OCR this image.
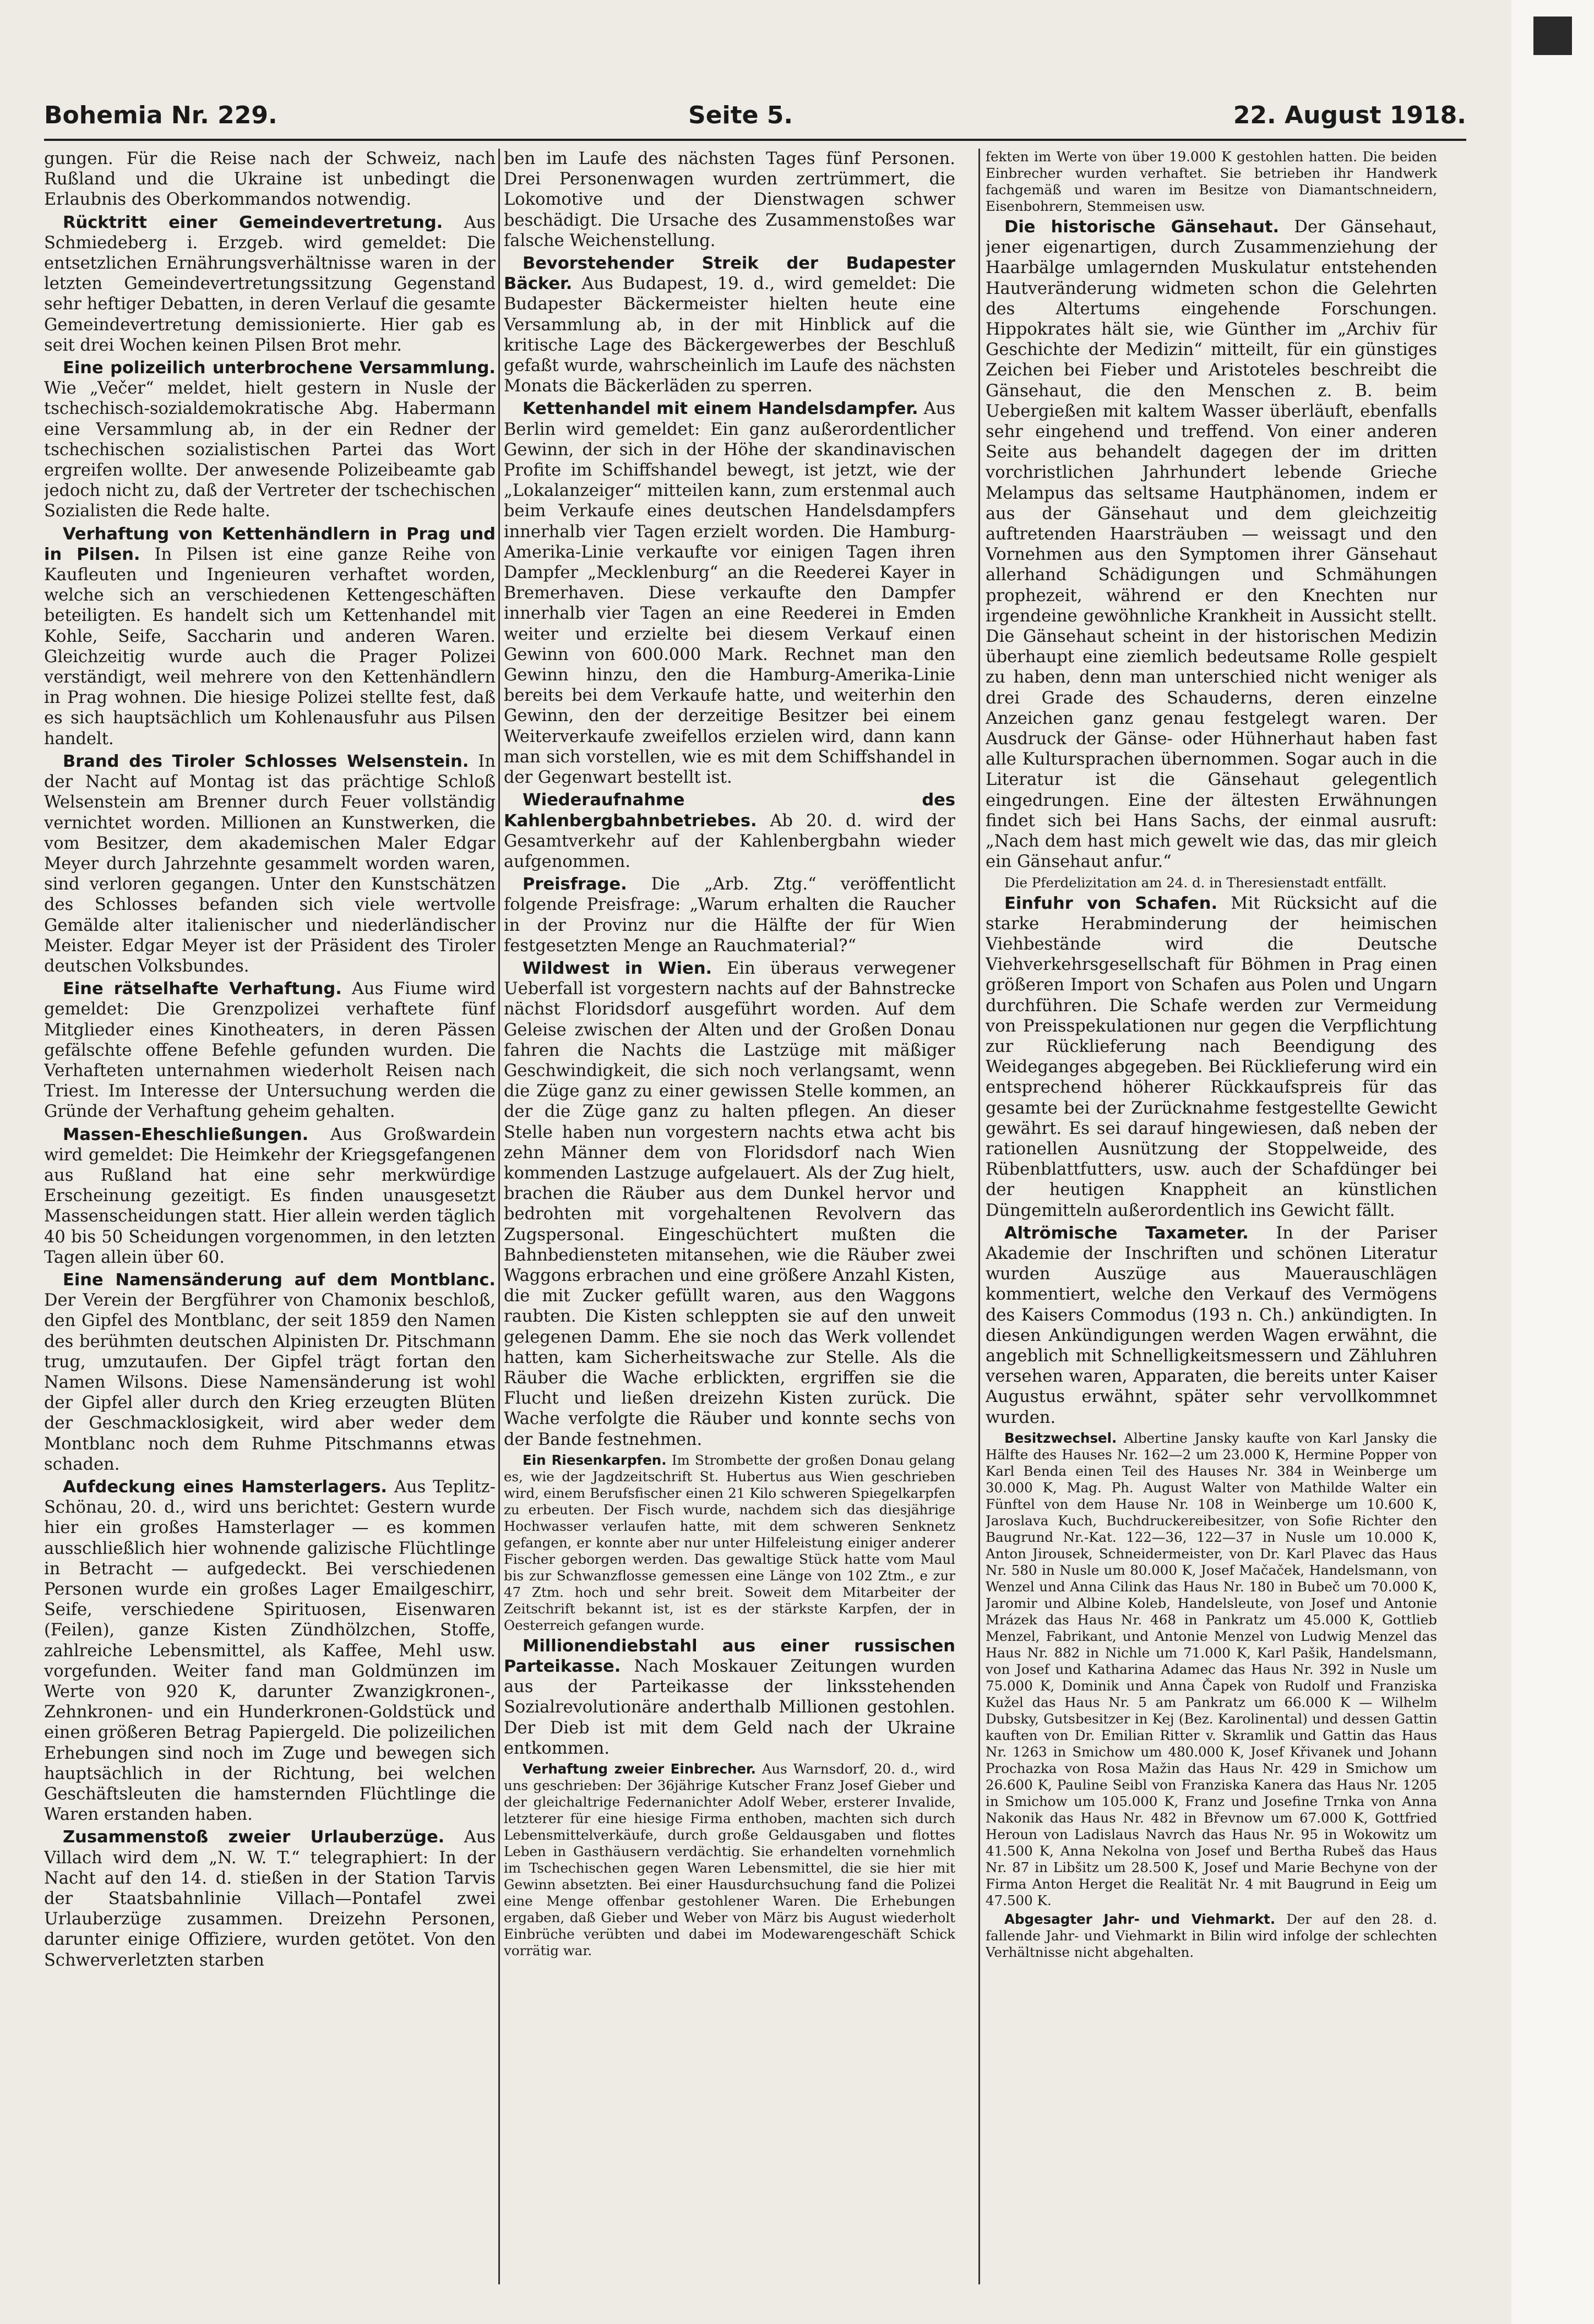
Bohemia Nr. 229.	Seite 5.	22. August 1918.

gungen. Für die Reise nach der Schweiz, nach Rußland und die Ukraine ist unbedingt die Erlaubnis des Oberkommandos notwendig.

Rücktritt einer Gemeindevertretung. Aus Schmiedeberg i. Erzgeb. wird gemeldet: Die entsetzlichen Ernährungsverhältnisse waren in der letzten Gemeindevertretungssitzung Gegenstand sehr heftiger Debatten, in deren Verlauf die gesamte Gemeindevertretung demissionierte. Hier gab es seit drei Wochen keinen Pilsen Brot mehr.

Eine polizeilich unterbrochene Versammlung. Wie „Večer“ meldet, hielt gestern in Nusle der tschechisch-sozialdemokratische Abg. Habermann eine Versammlung ab, in der ein Redner der tschechischen sozialistischen Partei das Wort ergreifen wollte. Der anwesende Polizeibeamte gab jedoch nicht zu, daß der Vertreter der tschechischen Sozialisten die Rede halte.

Verhaftung von Kettenhändlern in Prag und in Pilsen. In Pilsen ist eine ganze Reihe von Kaufleuten und Ingenieuren verhaftet worden, welche sich an verschiedenen Kettengeschäften beteiligten. Es handelt sich um Kettenhandel mit Kohle, Seife, Saccharin und anderen Waren. Gleichzeitig wurde auch die Prager Polizei verständigt, weil mehrere von den Kettenhändlern in Prag wohnen. Die hiesige Polizei stellte fest, daß es sich hauptsächlich um Kohlenausfuhr aus Pilsen handelt.

Brand des Tiroler Schlosses Welsenstein. In der Nacht auf Montag ist das prächtige Schloß Welsenstein am Brenner durch Feuer vollständig vernichtet worden. Millionen an Kunstwerken, die vom Besitzer, dem akademischen Maler Edgar Meyer durch Jahrzehnte gesammelt worden waren, sind verloren gegangen. Unter den Kunstschätzen des Schlosses befanden sich viele wertvolle Gemälde alter italienischer und niederländischer Meister. Edgar Meyer ist der Präsident des Tiroler deutschen Volksbundes.

Eine rätselhafte Verhaftung. Aus Fiume wird gemeldet: Die Grenzpolizei verhaftete fünf Mitglieder eines Kinotheaters, in deren Pässen gefälschte offene Befehle gefunden wurden. Die Verhafteten unternahmen wiederholt Reisen nach Triest. Im Interesse der Untersuchung werden die Gründe der Verhaftung geheim gehalten.

Massen-Eheschließungen. Aus Großwardein wird gemeldet: Die Heimkehr der Kriegsgefangenen aus Rußland hat eine sehr merkwürdige Erscheinung gezeitigt. Es finden unausgesetzt Massenscheidungen statt. Hier allein werden täglich 40 bis 50 Scheidungen vorgenommen, in den letzten Tagen allein über 60.

Eine Namensänderung auf dem Montblanc. Der Verein der Bergführer von Chamonix beschloß, den Gipfel des Montblanc, der seit 1859 den Namen des berühmten deutschen Alpinisten Dr. Pitschmann trug, umzutaufen. Der Gipfel trägt fortan den Namen Wilsons. Diese Namensänderung ist wohl der Gipfel aller durch den Krieg erzeugten Blüten der Geschmacklosigkeit, wird aber weder dem Montblanc noch dem Ruhme Pitschmanns etwas schaden.

Aufdeckung eines Hamsterlagers. Aus Teplitz-Schönau, 20. d., wird uns berichtet: Gestern wurde hier ein großes Hamsterlager — es kommen ausschließlich hier wohnende galizische Flüchtlinge in Betracht — aufgedeckt. Bei verschiedenen Personen wurde ein großes Lager Emailgeschirr, Seife, verschiedene Spirituosen, Eisenwaren (Feilen), ganze Kisten Zündhölzchen, Stoffe, zahlreiche Lebensmittel, als Kaffee, Mehl usw. vorgefunden. Weiter fand man Goldmünzen im Werte von 920 K, darunter Zwanzigkronen-, Zehnkronen- und ein Hunderkronen-Goldstück und einen größeren Betrag Papiergeld. Die polizeilichen Erhebungen sind noch im Zuge und bewegen sich hauptsächlich in der Richtung, bei welchen Geschäftsleuten die hamsternden Flüchtlinge die Waren erstanden haben.

Zusammenstoß zweier Urlauberzüge. Aus Villach wird dem „N. W. T.“ telegraphiert: In der Nacht auf den 14. d. stießen in der Station Tarvis der Staatsbahnlinie Villach—Pontafel zwei Urlauberzüge zusammen. Dreizehn Personen, darunter einige Offiziere, wurden getötet. Von den Schwerverletzten starben

ben im Laufe des nächsten Tages fünf Personen. Drei Personenwagen wurden zertrümmert, die Lokomotive und der Dienstwagen schwer beschädigt. Die Ursache des Zusammenstoßes war falsche Weichenstellung.

Bevorstehender Streik der Budapester Bäcker. Aus Budapest, 19. d., wird gemeldet: Die Budapester Bäckermeister hielten heute eine Versammlung ab, in der mit Hinblick auf die kritische Lage des Bäckergewerbes der Beschluß gefaßt wurde, wahrscheinlich im Laufe des nächsten Monats die Bäckerläden zu sperren.

Kettenhandel mit einem Handelsdampfer. Aus Berlin wird gemeldet: Ein ganz außerordentlicher Gewinn, der sich in der Höhe der skandinavischen Profite im Schiffshandel bewegt, ist jetzt, wie der „Lokalanzeiger“ mitteilen kann, zum erstenmal auch beim Verkaufe eines deutschen Handelsdampfers innerhalb vier Tagen erzielt worden. Die Hamburg-Amerika-Linie verkaufte vor einigen Tagen ihren Dampfer „Mecklenburg“ an die Reederei Kayer in Bremerhaven. Diese verkaufte den Dampfer innerhalb vier Tagen an eine Reederei in Emden weiter und erzielte bei diesem Verkauf einen Gewinn von 600.000 Mark. Rechnet man den Gewinn hinzu, den die Hamburg-Amerika-Linie bereits bei dem Verkaufe hatte, und weiterhin den Gewinn, den der derzeitige Besitzer bei einem Weiterverkaufe zweifellos erzielen wird, dann kann man sich vorstellen, wie es mit dem Schiffshandel in der Gegenwart bestellt ist.

Wiederaufnahme des Kahlenbergbahnbetriebes. Ab 20. d. wird der Gesamtverkehr auf der Kahlenbergbahn wieder aufgenommen.

Preisfrage. Die „Arb. Ztg.“ veröffentlicht folgende Preisfrage: „Warum erhalten die Raucher in der Provinz nur die Hälfte der für Wien festgesetzten Menge an Rauchmaterial?“

Wildwest in Wien. Ein überaus verwegener Ueberfall ist vorgestern nachts auf der Bahnstrecke nächst Floridsdorf ausgeführt worden. Auf dem Geleise zwischen der Alten und der Großen Donau fahren die Nachts die Lastzüge mit mäßiger Geschwindigkeit, die sich noch verlangsamt, wenn die Züge ganz zu einer gewissen Stelle kommen, an der die Züge ganz zu halten pflegen. An dieser Stelle haben nun vorgestern nachts etwa acht bis zehn Männer dem von Floridsdorf nach Wien kommenden Lastzuge aufgelauert. Als der Zug hielt, brachen die Räuber aus dem Dunkel hervor und bedrohten mit vorgehaltenen Revolvern das Zugspersonal. Eingeschüchtert mußten die Bahnbediensteten mitansehen, wie die Räuber zwei Waggons erbrachen und eine größere Anzahl Kisten, die mit Zucker gefüllt waren, aus den Waggons raubten. Die Kisten schleppten sie auf den unweit gelegenen Damm. Ehe sie noch das Werk vollendet hatten, kam Sicherheitswache zur Stelle. Als die Räuber die Wache erblickten, ergriffen sie die Flucht und ließen dreizehn Kisten zurück. Die Wache verfolgte die Räuber und konnte sechs von der Bande festnehmen.

Ein Riesenkarpfen. Im Strombette der großen Donau gelang es, wie der Jagdzeitschrift St. Hubertus aus Wien geschrieben wird, einem Berufsfischer einen 21 Kilo schweren Spiegelkarpfen zu erbeuten. Der Fisch wurde, nachdem sich das diesjährige Hochwasser verlaufen hatte, mit dem schweren Senknetz gefangen, er konnte aber nur unter Hilfeleistung einiger anderer Fischer geborgen werden. Das gewaltige Stück hatte vom Maul bis zur Schwanzflosse gemessen eine Länge von 102 Ztm., e zur 47 Ztm. hoch und sehr breit. Soweit dem Mitarbeiter der Zeitschrift bekannt ist, ist es der stärkste Karpfen, der in Oesterreich gefangen wurde.

Millionendiebstahl aus einer russischen Parteikasse. Nach Moskauer Zeitungen wurden aus der Parteikasse der linksstehenden Sozialrevolutionäre anderthalb Millionen gestohlen. Der Dieb ist mit dem Geld nach der Ukraine entkommen.

Verhaftung zweier Einbrecher. Aus Warnsdorf, 20. d., wird uns geschrieben: Der 36jährige Kutscher Franz Josef Gieber und der gleichaltrige Federnanichter Adolf Weber, ersterer Invalide, letzterer für eine hiesige Firma enthoben, machten sich durch Lebensmittelverkäufe, durch große Geldausgaben und flottes Leben in Gasthäusern verdächtig. Sie erhandelten vornehmlich im Tschechischen gegen Waren Lebensmittel, die sie hier mit Gewinn absetzten. Bei einer Hausdurchsuchung fand die Polizei eine Menge offenbar gestohlener Waren. Die Erhebungen ergaben, daß Gieber und Weber von März bis August wiederholt Einbrüche verübten und dabei im Modewarengeschäft Schick vorrätig war.

fekten im Werte von über 19.000 K gestohlen hatten. Die beiden Einbrecher wurden verhaftet. Sie betrieben ihr Handwerk fachgemäß und waren im Besitze von Diamantschneidern, Eisenbohrern, Stemmeisen usw.

Die historische Gänsehaut. Der Gänsehaut, jener eigenartigen, durch Zusammenziehung der Haarbälge umlagernden Muskulatur entstehenden Hautveränderung widmeten schon die Gelehrten des Altertums eingehende Forschungen. Hippokrates hält sie, wie Günther im „Archiv für Geschichte der Medizin“ mitteilt, für ein günstiges Zeichen bei Fieber und Aristoteles beschreibt die Gänsehaut, die den Menschen z. B. beim Uebergießen mit kaltem Wasser überläuft, ebenfalls sehr eingehend und treffend. Von einer anderen Seite aus behandelt dagegen der im dritten vorchristlichen Jahrhundert lebende Grieche Melampus das seltsame Hautphänomen, indem er aus der Gänsehaut und dem gleichzeitig auftretenden Haarsträuben — weissagt und den Vornehmen aus den Symptomen ihrer Gänsehaut allerhand Schädigungen und Schmähungen prophezeit, während er den Knechten nur irgendeine gewöhnliche Krankheit in Aussicht stellt. Die Gänsehaut scheint in der historischen Medizin überhaupt eine ziemlich bedeutsame Rolle gespielt zu haben, denn man unterschied nicht weniger als drei Grade des Schauderns, deren einzelne Anzeichen ganz genau festgelegt waren. Der Ausdruck der Gänse- oder Hühnerhaut haben fast alle Kultursprachen übernommen. Sogar auch in die Literatur ist die Gänsehaut gelegentlich eingedrungen. Eine der ältesten Erwähnungen findet sich bei Hans Sachs, der einmal ausruft: „Nach dem hast mich gewelt wie das, das mir gleich ein Gänsehaut anfur.“

Die Pferdelizitation am 24. d. in Theresienstadt entfällt.

Einfuhr von Schafen. Mit Rücksicht auf die starke Herabminderung der heimischen Viehbestände wird die Deutsche Viehverkehrsgesellschaft für Böhmen in Prag einen größeren Import von Schafen aus Polen und Ungarn durchführen. Die Schafe werden zur Vermeidung von Preisspekulationen nur gegen die Verpflichtung zur Rücklieferung nach Beendigung des Weideganges abgegeben. Bei Rücklieferung wird ein entsprechend höherer Rückkaufspreis für das gesamte bei der Zurücknahme festgestellte Gewicht gewährt. Es sei darauf hingewiesen, daß neben der rationellen Ausnützung der Stoppelweide, des Rübenblattfutters, usw. auch der Schafdünger bei der heutigen Knappheit an künstlichen Düngemitteln außerordentlich ins Gewicht fällt.

Altrömische Taxameter. In der Pariser Akademie der Inschriften und schönen Literatur wurden Auszüge aus Mauerauschlägen kommentiert, welche den Verkauf des Vermögens des Kaisers Commodus (193 n. Ch.) ankündigten. In diesen Ankündigungen werden Wagen erwähnt, die angeblich mit Schnelligkeitsmessern und Zähluhren versehen waren, Apparaten, die bereits unter Kaiser Augustus erwähnt, später sehr vervollkommnet wurden.

Besitzwechsel. Albertine Jansky kaufte von Karl Jansky die Hälfte des Hauses Nr. 162—2 um 23.000 K, Hermine Popper von Karl Benda einen Teil des Hauses Nr. 384 in Weinberge um 30.000 K, Mag. Ph. August Walter von Mathilde Walter ein Fünftel von dem Hause Nr. 108 in Weinberge um 10.600 K, Jaroslava Kuch, Buchdruckereibesitzer, von Sofie Richter den Baugrund Nr.-Kat. 122—36, 122—37 in Nusle um 10.000 K, Anton Jirousek, Schneidermeister, von Dr. Karl Plavec das Haus Nr. 580 in Nusle um 80.000 K, Josef Mačaček, Handelsmann, von Wenzel und Anna Cilink das Haus Nr. 180 in Bubeč um 70.000 K, Jaromir und Albine Koleb, Handelsleute, von Josef und Antonie Mrázek das Haus Nr. 468 in Pankratz um 45.000 K, Gottlieb Menzel, Fabrikant, und Antonie Menzel von Ludwig Menzel das Haus Nr. 882 in Nichle um 71.000 K, Karl Pašik, Handelsmann, von Josef und Katharina Adamec das Haus Nr. 392 in Nusle um 75.000 K, Dominik und Anna Čapek von Rudolf und Franziska Kužel das Haus Nr. 5 am Pankratz um 66.000 K — Wilhelm Dubsky, Gutsbesitzer in Kej (Bez. Karolinental) und dessen Gattin kauften von Dr. Emilian Ritter v. Skramlik und Gattin das Haus Nr. 1263 in Smichow um 480.000 K, Josef Křivanek und Johann Prochazka von Rosa Mažin das Haus Nr. 429 in Smichow um 26.600 K, Pauline Seibl von Franziska Kanera das Haus Nr. 1205 in Smichow um 105.000 K, Franz und Josefine Trnka von Anna Nakonik das Haus Nr. 482 in Břevnow um 67.000 K, Gottfried Heroun von Ladislaus Navrch das Haus Nr. 95 in Wokowitz um 41.500 K, Anna Nekolna von Josef und Bertha Rubeš das Haus Nr. 87 in Libšitz um 28.500 K, Josef und Marie Bechyne von der Firma Anton Herget die Realität Nr. 4 mit Baugrund in Eeig um 47.500 K.

Abgesagter Jahr- und Viehmarkt. Der auf den 28. d. fallende Jahr- und Viehmarkt in Bilin wird infolge der schlechten Verhältnisse nicht abgehalten.
